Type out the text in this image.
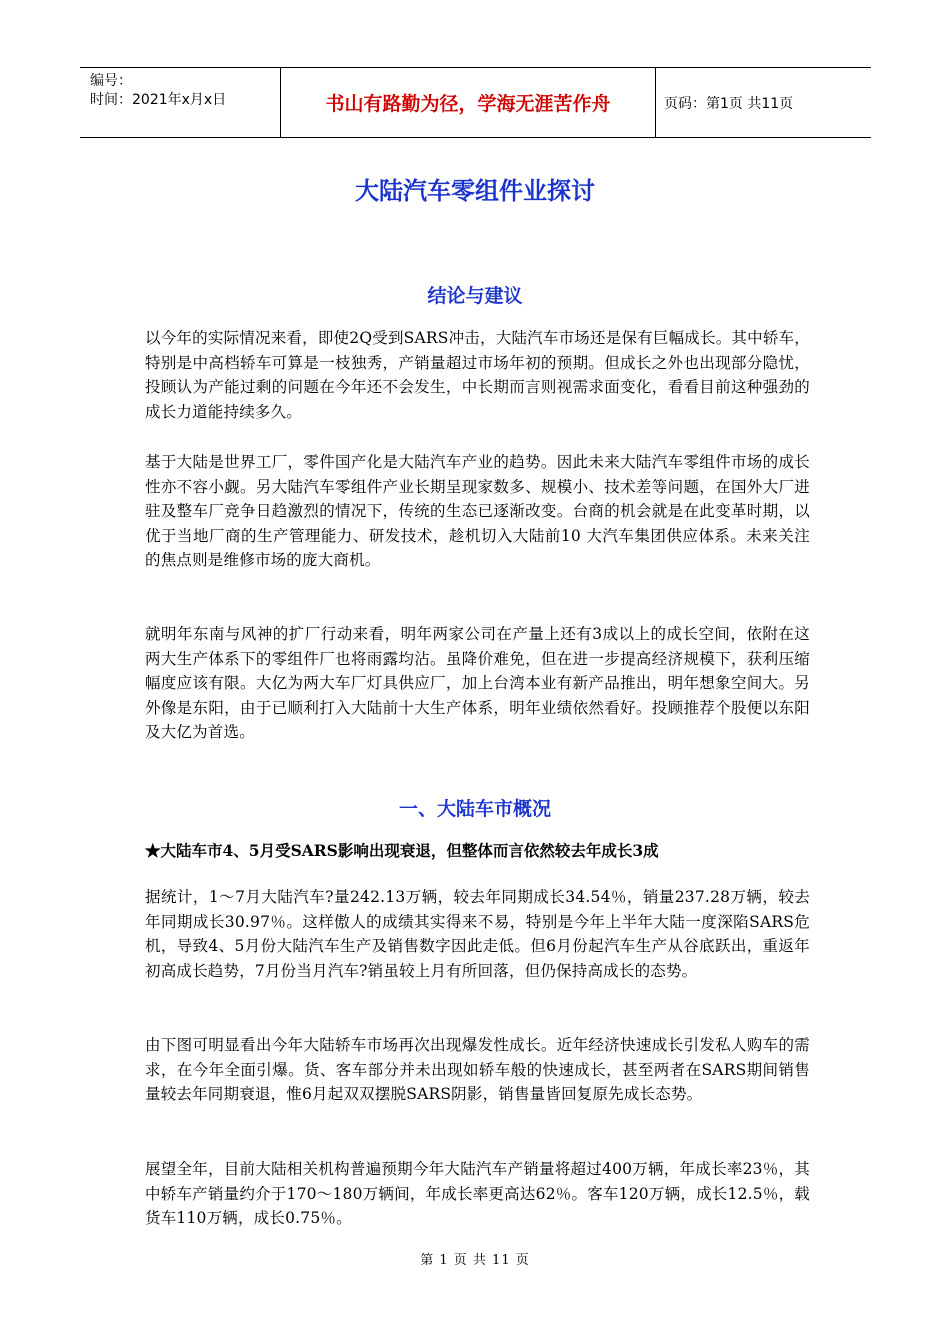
编号：
时间：2021年x月x日	书山有路勤为径，学海无涯苦作舟	页码：第1页 共11页
大陆汽车零组件业探讨
结论与建议

以今年的实际情况来看，即使2Q受到SARS冲击，大陆汽车市场还是保有巨幅成长。其中轿车，特别是中高档轿车可算是一枝独秀，产销量超过市场年初的预期。但成长之外也出现部分隐忧，投顾认为产能过剩的问题在今年还不会发生，中长期而言则视需求面变化，看看目前这种强劲的成长力道能持续多久。

基于大陆是世界工厂，零件国产化是大陆汽车产业的趋势。因此未来大陆汽车零组件市场的成长性亦不容小觑。另大陆汽车零组件产业长期呈现家数多、规模小、技术差等问题，在国外大厂进驻及整车厂竞争日趋激烈的情况下，传统的生态已逐渐改变。台商的机会就是在此变革时期，以优于当地厂商的生产管理能力、研发技术，趁机切入大陆前10 大汽车集团供应体系。未来关注的焦点则是维修市场的庞大商机。

就明年东南与风神的扩厂行动来看，明年两家公司在产量上还有3成以上的成长空间，依附在这两大生产体系下的零组件厂也将雨露均沾。虽降价难免，但在进一步提高经济规模下，获利压缩幅度应该有限。大亿为两大车厂灯具供应厂，加上台湾本业有新产品推出，明年想象空间大。另外像是东阳，由于已顺利打入大陆前十大生产体系，明年业绩依然看好。投顾推荐个股便以东阳及大亿为首选。

一、大陆车市概况

★大陆车市4、5月受SARS影响出现衰退，但整体而言依然较去年成长3成

据统计，1～7月大陆汽车?量242.13万辆，较去年同期成长34.54％，销量237.28万辆，较去年同期成长30.97％。这样傲人的成绩其实得来不易，特别是今年上半年大陆一度深陷SARS危机，导致4、5月份大陆汽车生产及销售数字因此走低。但6月份起汽车生产从谷底跃出，重返年初高成长趋势，7月份当月汽车?销虽较上月有所回落，但仍保持高成长的态势。

由下图可明显看出今年大陆轿车市场再次出现爆发性成长。近年经济快速成长引发私人购车的需求，在今年全面引爆。货、客车部分并未出现如轿车般的快速成长，甚至两者在SARS期间销售量较去年同期衰退，惟6月起双双摆脱SARS阴影，销售量皆回复原先成长态势。

展望全年，目前大陆相关机构普遍预期今年大陆汽车产销量将超过400万辆，年成长率23％，其中轿车产销量约介于170～180万辆间，年成长率更高达62％。客车120万辆，成长12.5％，载货车110万辆，成长0.75％。

第 1 页 共 11 页
